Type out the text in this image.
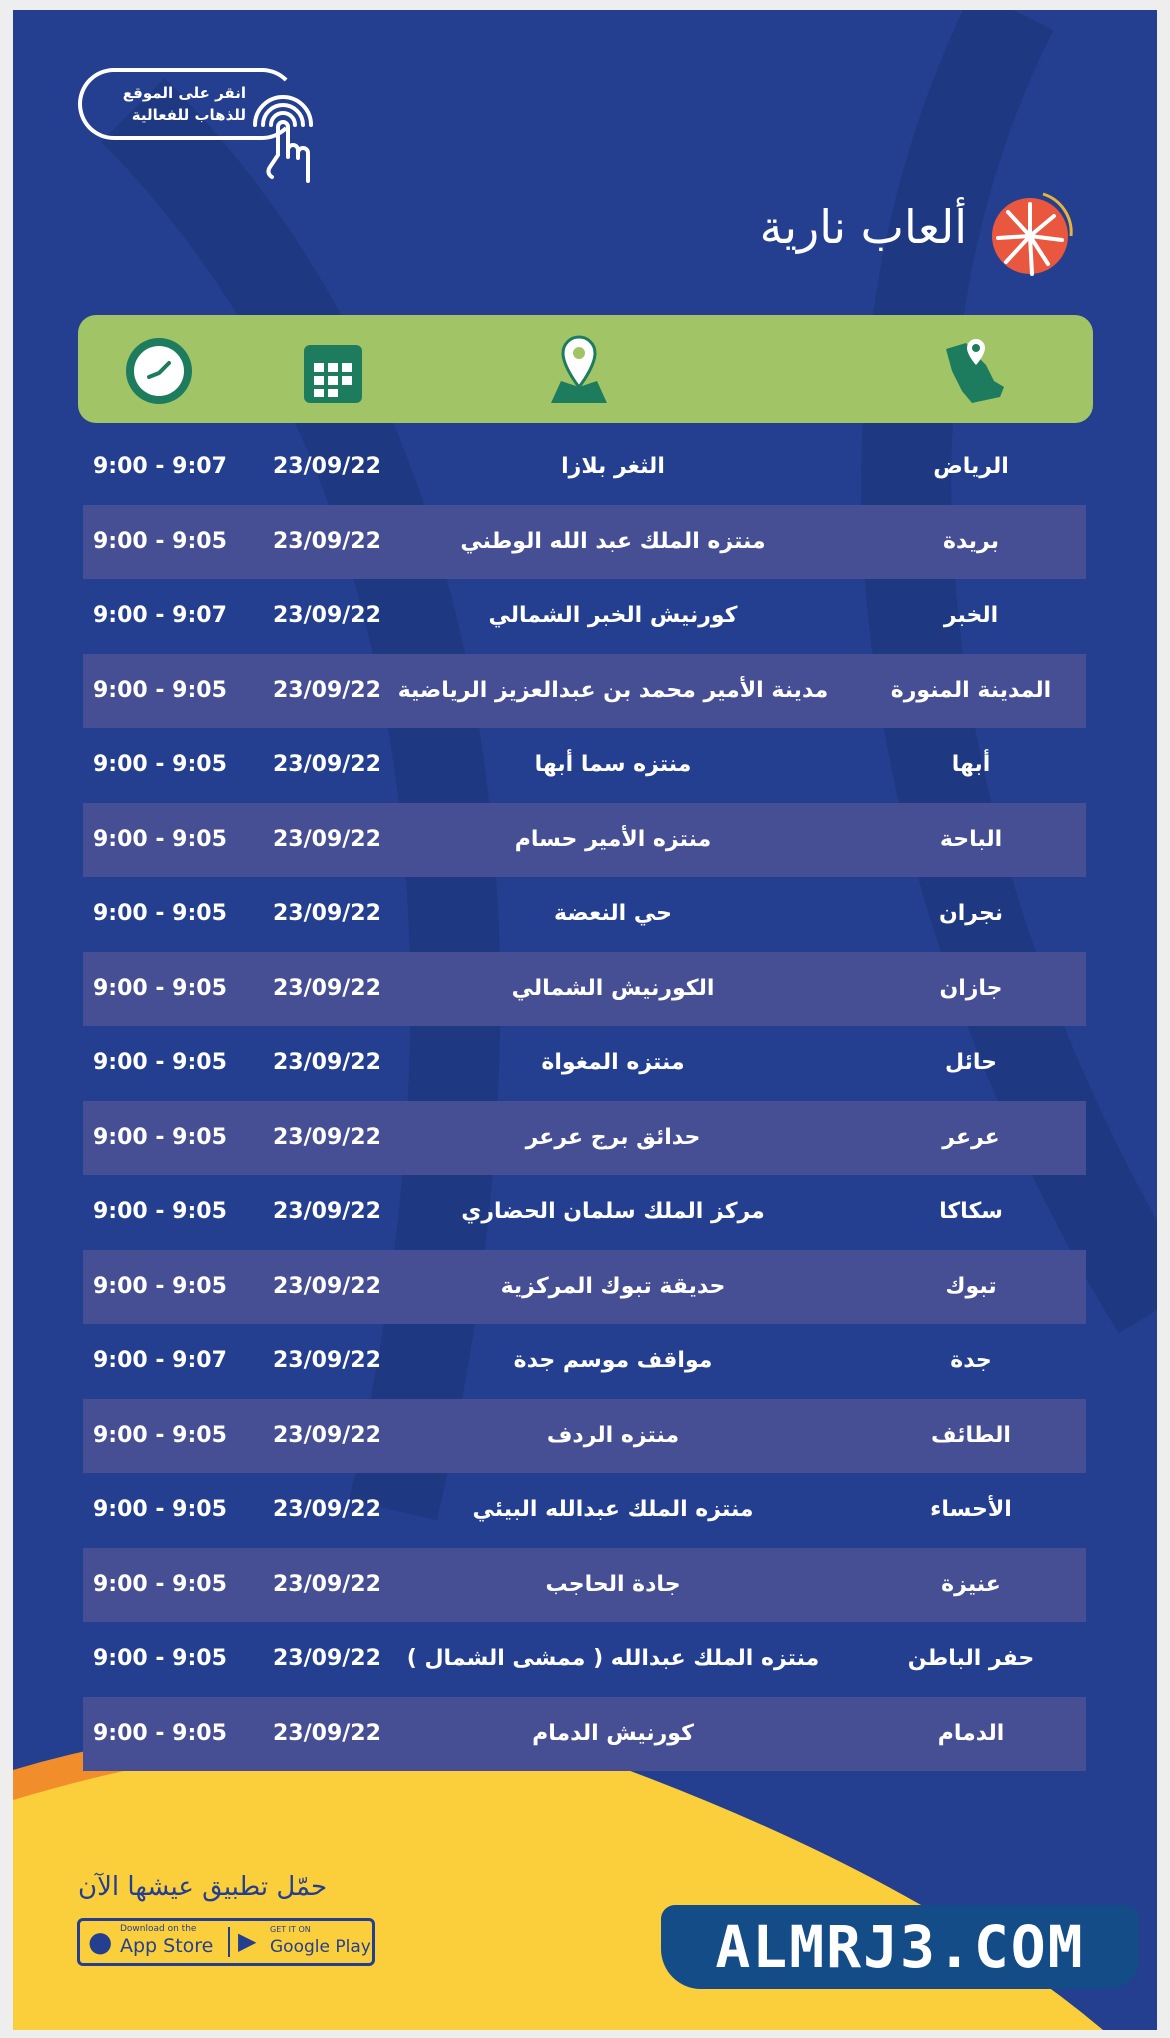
انقر على الموقع
للذهاب للفعالية
ألعاب نارية
الرياض
الثغر بلازا
23/09/22
9:00 - 9:07
بريدة
منتزه الملك عبد الله الوطني
23/09/22
9:00 - 9:05
الخبر
كورنيش الخبر الشمالي
23/09/22
9:00 - 9:07
المدينة المنورة
مدينة الأمير محمد بن عبدالعزيز الرياضية
23/09/22
9:00 - 9:05
أبها
منتزه سما أبها
23/09/22
9:00 - 9:05
الباحة
منتزه الأمير حسام
23/09/22
9:00 - 9:05
نجران
حي النعضة
23/09/22
9:00 - 9:05
جازان
الكورنيش الشمالي
23/09/22
9:00 - 9:05
حائل
منتزه المغواة
23/09/22
9:00 - 9:05
عرعر
حدائق برج عرعر
23/09/22
9:00 - 9:05
سكاكا
مركز الملك سلمان الحضاري
23/09/22
9:00 - 9:05
تبوك
حديقة تبوك المركزية
23/09/22
9:00 - 9:05
جدة
مواقف موسم جدة
23/09/22
9:00 - 9:07
الطائف
منتزه الردف
23/09/22
9:00 - 9:05
الأحساء
منتزه الملك عبدالله البيئي
23/09/22
9:00 - 9:05
عنيزة
جادة الحاجب
23/09/22
9:00 - 9:05
حفر الباطن
منتزه الملك عبدالله ( ممشى الشمال )
23/09/22
9:00 - 9:05
الدمام
كورنيش الدمام
23/09/22
9:00 - 9:05
حمّل تطبيق عيشها الآن
● Download on the
App Store ▶ GET IT ON
Google Play	ALMRJ3.COM
